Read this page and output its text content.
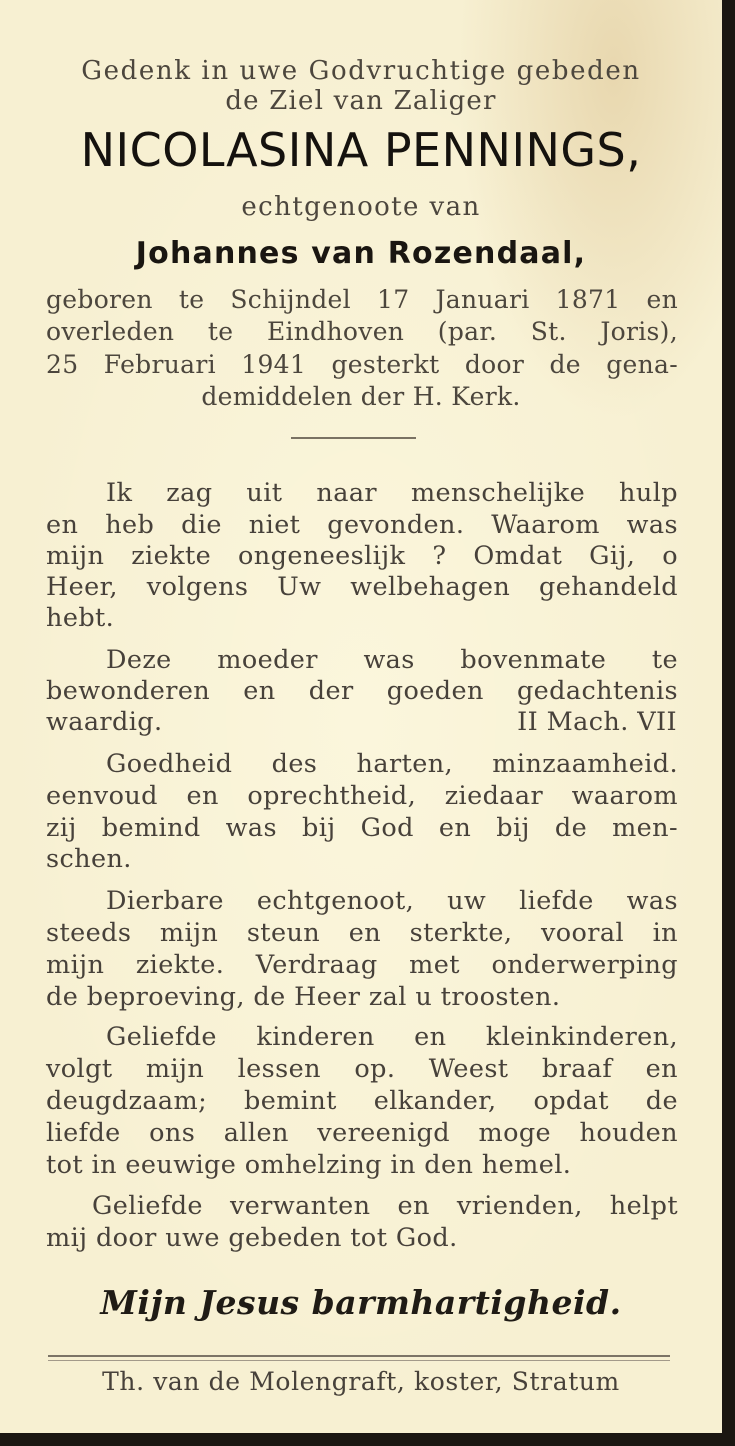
Gedenk in uwe Godvruchtige gebeden
de Ziel van Zaliger
NICOLASINA PENNINGS,
echtgenoote van
Johannes van Rozendaal,
geboren te Schijndel 17 Januari 1871 en
overleden te Eindhoven (par. St. Joris),
25 Februari 1941 gesterkt door de gena-
demiddelen der H. Kerk.
Ik zag uit naar menschelijke hulp
en heb die niet gevonden. Waarom was
mijn ziekte ongeneeslijk ? Omdat Gij, o
Heer, volgens Uw welbehagen gehandeld
hebt.
Deze moeder was bovenmate te
bewonderen en der goeden gedachtenis
waardig.	II Mach. VII
Goedheid des harten, minzaamheid.
eenvoud en oprechtheid, ziedaar waarom
zij bemind was bij God en bij de men-
schen.
Dierbare echtgenoot, uw liefde was
steeds mijn steun en sterkte, vooral in
mijn ziekte. Verdraag met onderwerping
de beproeving, de Heer zal u troosten.
Geliefde kinderen en kleinkinderen,
volgt mijn lessen op. Weest braaf en
deugdzaam; bemint elkander, opdat de
liefde ons allen vereenigd moge houden
tot in eeuwige omhelzing in den hemel.
Geliefde verwanten en vrienden, helpt
mij door uwe gebeden tot God.
Mijn Jesus barmhartigheid.
Th. van de Molengraft, koster, Stratum
